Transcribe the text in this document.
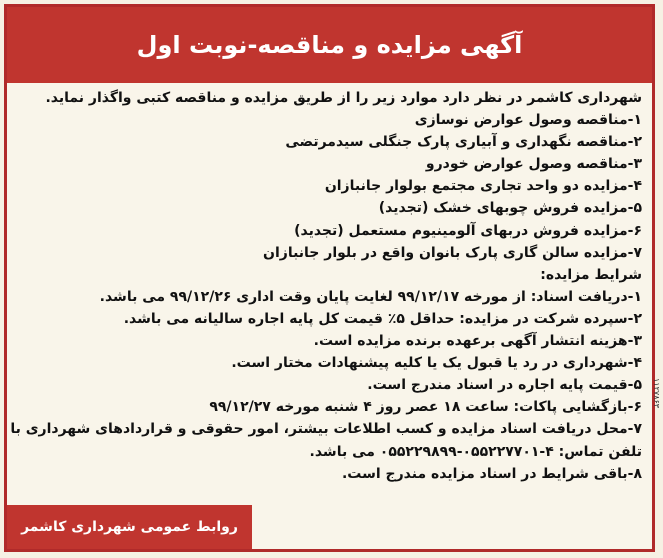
آگهی مزایده و مناقصه-نوبت اول
شهرداری کاشمر در نظر دارد موارد زیر را از طریق مزایده و مناقصه کتبی واگذار نماید.
۱-مناقصه وصول عوارض نوسازی
۲-مناقصه نگهداری و آبیاری پارک جنگلی سیدمرتضی
۳-مناقصه وصول عوارض خودرو
۴-مزایده دو واحد تجاری مجتمع بولوار جانبازان
۵-مزایده فروش چوبهای خشک (تجدید)
۶-مزایده فروش دربهای آلومینیوم مستعمل (تجدید)
۷-مزایده سالن گاری پارک بانوان واقع در بلوار جانبازان
شرایط مزایده:
۱-دریافت اسناد: از مورخه ۹۹/۱۲/۱۷ لغایت پایان وقت اداری ۹۹/۱۲/۲۶ می باشد.
۲-سپرده شرکت در مزایده: حداقل ۵٪ قیمت کل پایه اجاره سالیانه می باشد.
۳-هزینه انتشار آگهی برعهده برنده مزایده است.
۴-شهرداری در رد یا قبول یک یا کلیه پیشنهادات مختار است.
۵-قیمت پایه اجاره در اسناد مندرج است.
۶-بازگشایی پاکات: ساعت ۱۸ عصر روز ۴ شنبه مورخه ۹۹/۱۲/۲۷
۷-محل دریافت اسناد مزایده و کسب اطلاعات بیشتر، امور حقوقی و قراردادهای شهرداری با
تلفن تماس: ۴-۰۵۵۲۲۷۷۰۱-۰۵۵۲۲۹۸۹۹ می باشد.
۸-باقی شرایط در اسناد مزایده مندرج است.
روابط عمومی شهرداری کاشمر
۱۱۲۷۸۶۳
